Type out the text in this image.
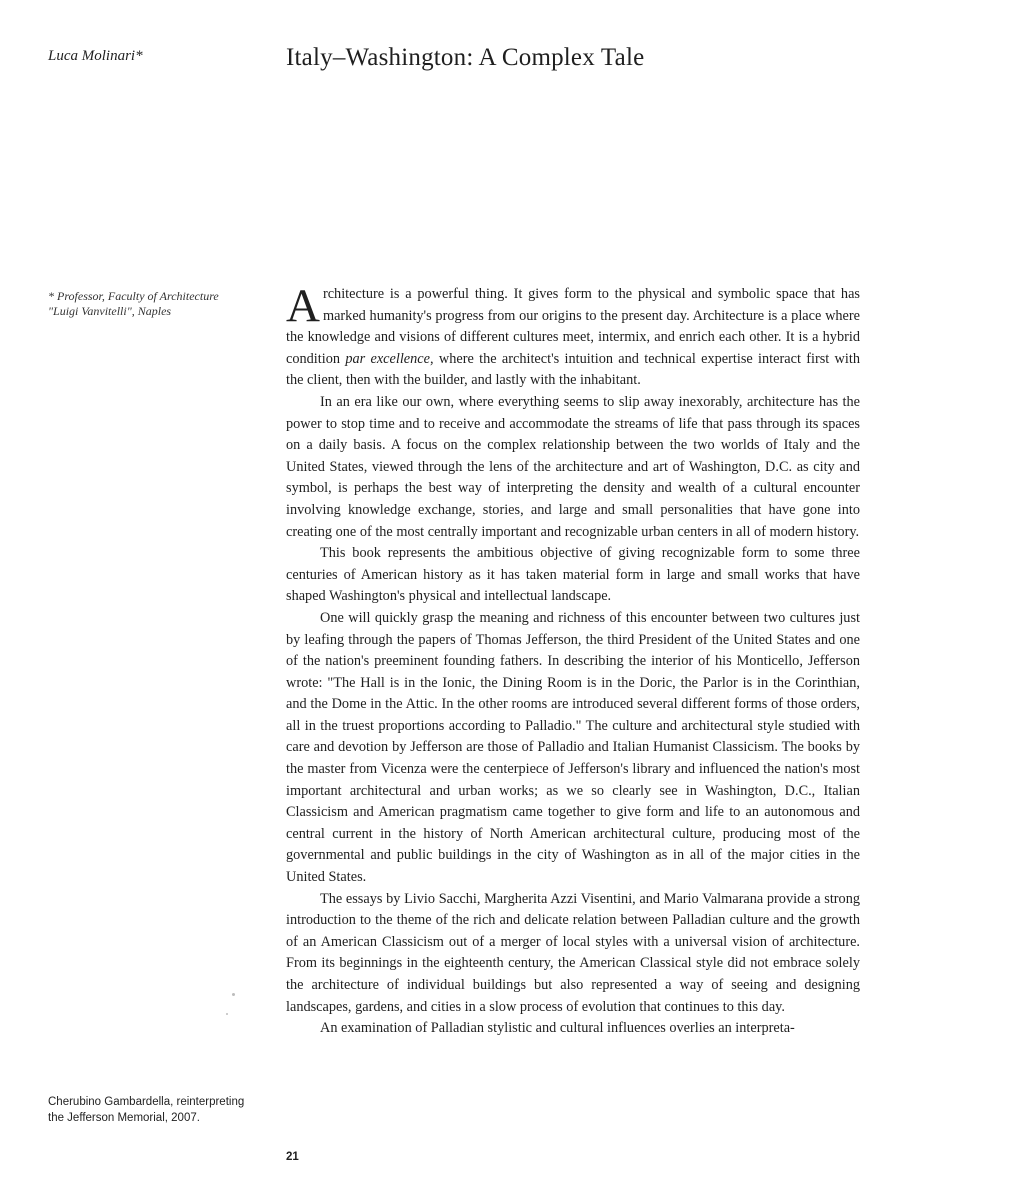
Luca Molinari*	Italy–Washington: A Complex Tale
* Professor, Faculty of Architecture
"Luigi Vanvitelli", Naples	Architecture is a powerful thing. It gives form to the physical and symbolic space that has marked humanity's progress from our origins to the present day. Architecture is a place where the knowledge and visions of different cultures meet, intermix, and enrich each other. It is a hybrid condition par excellence, where the architect's intuition and technical expertise interact first with the client, then with the builder, and lastly with the inhabitant.

In an era like our own, where everything seems to slip away inexorably, architecture has the power to stop time and to receive and accommodate the streams of life that pass through its spaces on a daily basis. A focus on the complex relationship between the two worlds of Italy and the United States, viewed through the lens of the architecture and art of Washington, D.C. as city and symbol, is perhaps the best way of interpreting the density and wealth of a cultural encounter involving knowledge exchange, stories, and large and small personalities that have gone into creating one of the most centrally important and recognizable urban centers in all of modern history.

This book represents the ambitious objective of giving recognizable form to some three centuries of American history as it has taken material form in large and small works that have shaped Washington's physical and intellectual landscape.

One will quickly grasp the meaning and richness of this encounter between two cultures just by leafing through the papers of Thomas Jefferson, the third President of the United States and one of the nation's preeminent founding fathers. In describing the interior of his Monticello, Jefferson wrote: "The Hall is in the Ionic, the Dining Room is in the Doric, the Parlor is in the Corinthian, and the Dome in the Attic. In the other rooms are introduced several different forms of those orders, all in the truest proportions according to Palladio." The culture and architectural style studied with care and devotion by Jefferson are those of Palladio and Italian Humanist Classicism. The books by the master from Vicenza were the centerpiece of Jefferson's library and influenced the nation's most important architectural and urban works; as we so clearly see in Washington, D.C., Italian Classicism and American pragmatism came together to give form and life to an autonomous and central current in the history of North American architectural culture, producing most of the governmental and public buildings in the city of Washington as in all of the major cities in the United States.

The essays by Livio Sacchi, Margherita Azzi Visentini, and Mario Valmarana provide a strong introduction to the theme of the rich and delicate relation between Palladian culture and the growth of an American Classicism out of a merger of local styles with a universal vision of architecture. From its beginnings in the eighteenth century, the American Classical style did not embrace solely the architecture of individual buildings but also represented a way of seeing and designing landscapes, gardens, and cities in a slow process of evolution that continues to this day.

An examination of Palladian stylistic and cultural influences overlies an interpreta-

Cherubino Gambardella, reinterpreting
the Jefferson Memorial, 2007.
21
